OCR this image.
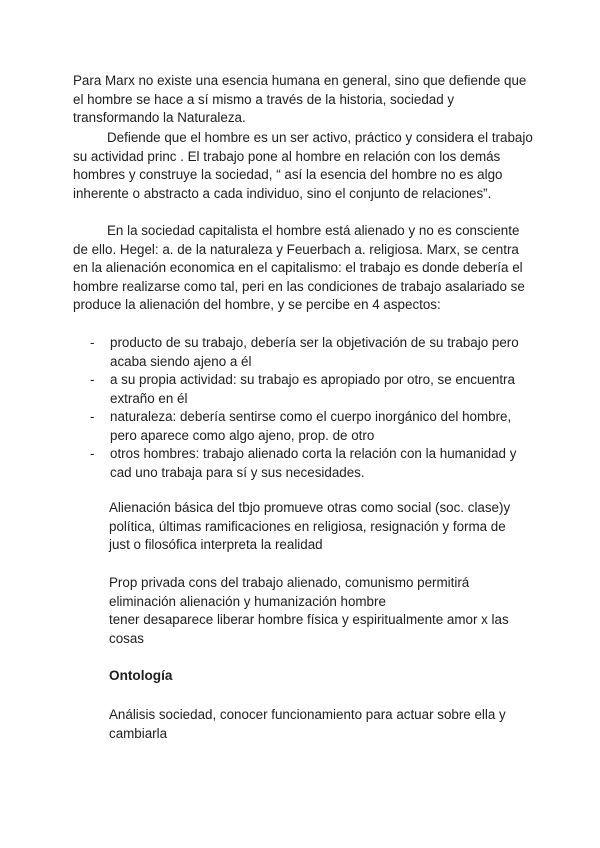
Para Marx no existe una esencia humana en general, sino que defiende que el hombre se hace a sí mismo a través de la historia, sociedad y transformando la Naturaleza.

Defiende que el hombre es un ser activo, práctico y considera el trabajo su actividad princ . El trabajo pone al hombre en relación con los demás hombres y construye la sociedad, “ así la esencia del hombre no es algo inherente o abstracto a cada individuo, sino el conjunto de relaciones”.

En la sociedad capitalista el hombre está alienado y no es consciente de ello. Hegel: a. de la naturaleza y Feuerbach a. religiosa. Marx, se centra en la alienación economica en el capitalismo: el trabajo es donde debería el hombre realizarse como tal, peri en las condiciones de trabajo asalariado se produce la alienación del hombre, y se percibe en 4 aspectos:

- producto de su trabajo, debería ser la objetivación de su trabajo pero acaba siendo ajeno a él
- a su propia actividad: su trabajo es apropiado por otro, se encuentra extraño en él
- naturaleza: debería sentirse como el cuerpo inorgánico del hombre, pero aparece como algo ajeno, prop. de otro
- otros hombres: trabajo alienado corta la relación con la humanidad y cad uno trabaja para sí y sus necesidades.

Alienación básica del tbjo promueve otras como social (soc. clase)y política, últimas ramificaciones en religiosa, resignación y forma de just o filosófica interpreta la realidad

Prop privada cons del trabajo alienado, comunismo permitirá eliminación alienación y humanización hombre
tener desaparece liberar hombre física y espiritualmente amor x las cosas

Ontología

Análisis sociedad, conocer funcionamiento para actuar sobre ella y cambiarla
